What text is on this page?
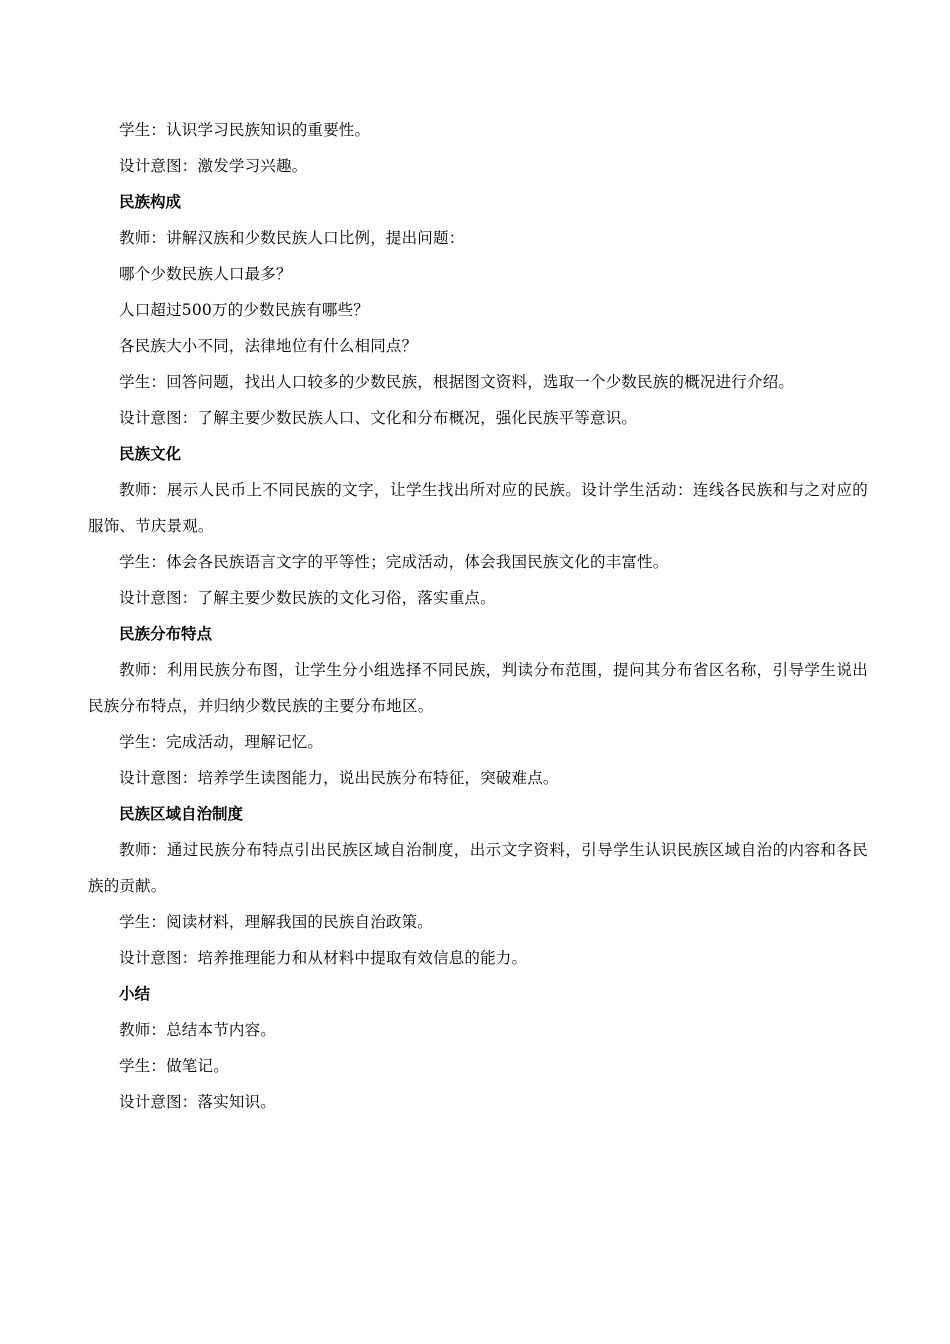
学生：认识学习民族知识的重要性。

设计意图：激发学习兴趣。

民族构成

教师：讲解汉族和少数民族人口比例，提出问题：

哪个少数民族人口最多？

人口超过500万的少数民族有哪些？

各民族大小不同，法律地位有什么相同点？

学生：回答问题，找出人口较多的少数民族，根据图文资料，选取一个少数民族的概况进行介绍。

设计意图：了解主要少数民族人口、文化和分布概况，强化民族平等意识。

民族文化

教师：展示人民币上不同民族的文字，让学生找出所对应的民族。设计学生活动：连线各民族和与之对应的服饰、节庆景观。

学生：体会各民族语言文字的平等性；完成活动，体会我国民族文化的丰富性。

设计意图：了解主要少数民族的文化习俗，落实重点。

民族分布特点

教师：利用民族分布图，让学生分小组选择不同民族，判读分布范围，提问其分布省区名称，引导学生说出民族分布特点，并归纳少数民族的主要分布地区。

学生：完成活动，理解记忆。

设计意图：培养学生读图能力，说出民族分布特征，突破难点。

民族区域自治制度

教师：通过民族分布特点引出民族区域自治制度，出示文字资料，引导学生认识民族区域自治的内容和各民族的贡献。

学生：阅读材料，理解我国的民族自治政策。

设计意图：培养推理能力和从材料中提取有效信息的能力。

小结

教师：总结本节内容。

学生：做笔记。

设计意图：落实知识。
